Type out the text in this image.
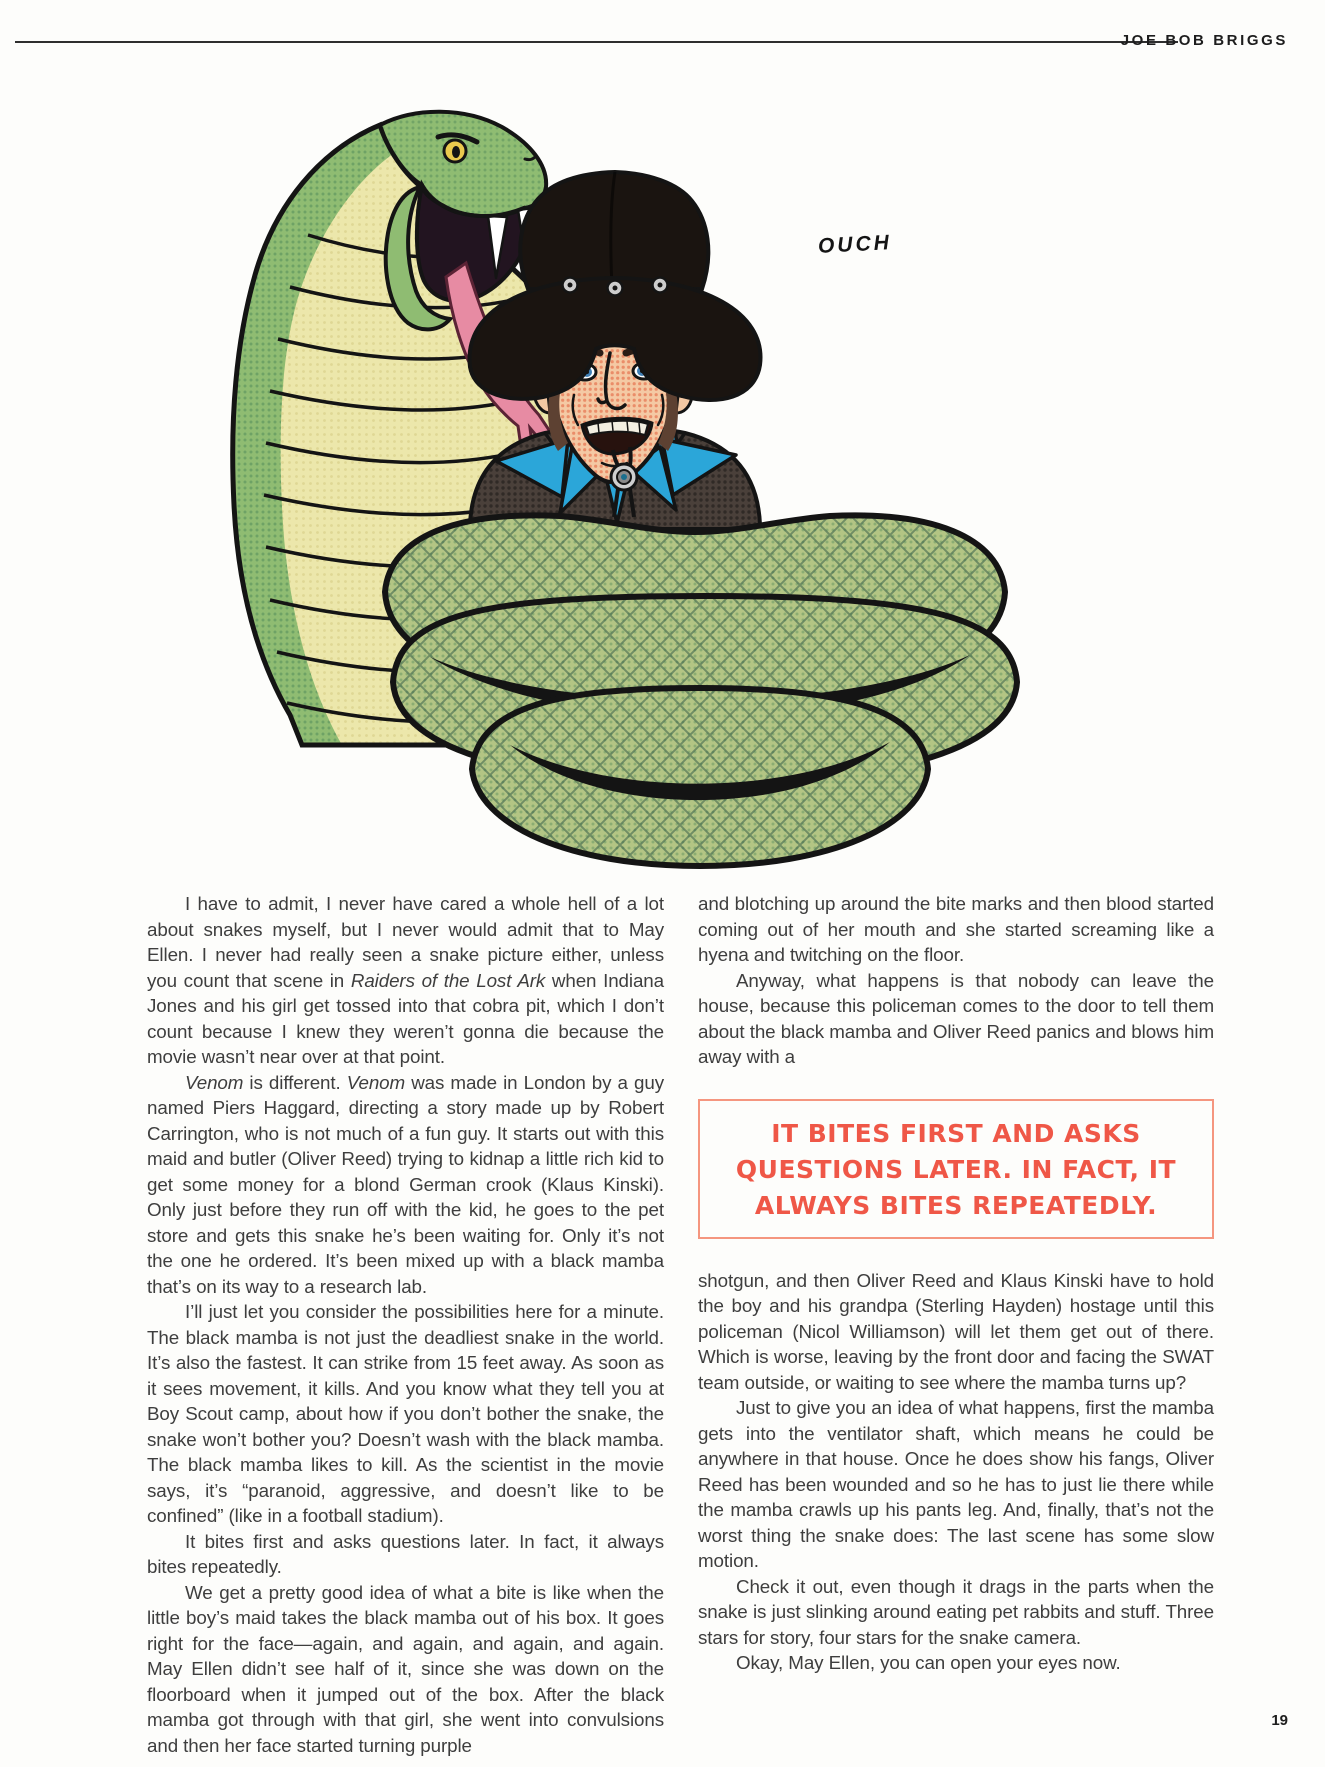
JOE BOB BRIGGS
OUCH

I have to admit, I never have cared a whole hell of a lot about snakes myself, but I never would admit that to May Ellen. I never had really seen a snake picture either, unless you count that scene in Raiders of the Lost Ark when Indiana Jones and his girl get tossed into that cobra pit, which I don’t count because I knew they weren’t gonna die because the movie wasn’t near over at that point.

Venom is different. Venom was made in London by a guy named Piers Haggard, directing a story made up by Robert Carrington, who is not much of a fun guy. It starts out with this maid and butler (Oliver Reed) trying to kidnap a little rich kid to get some money for a blond German crook (Klaus Kinski). Only just before they run off with the kid, he goes to the pet store and gets this snake he’s been waiting for. Only it’s not the one he ordered. It’s been mixed up with a black mamba that’s on its way to a research lab.

I’ll just let you consider the possibilities here for a minute. The black mamba is not just the deadliest snake in the world. It’s also the fastest. It can strike from 15 feet away. As soon as it sees movement, it kills. And you know what they tell you at Boy Scout camp, about how if you don’t bother the snake, the snake won’t bother you? Doesn’t wash with the black mamba. The black mamba likes to kill. As the scientist in the movie says, it’s “paranoid, aggressive, and doesn’t like to be confined” (like in a football stadium).

It bites first and asks questions later. In fact, it always bites repeatedly.

We get a pretty good idea of what a bite is like when the little boy’s maid takes the black mamba out of his box. It goes right for the face—again, and again, and again, and again. May Ellen didn’t see half of it, since she was down on the floorboard when it jumped out of the box. After the black mamba got through with that girl, she went into convulsions and then her face started turning purple

and blotching up around the bite marks and then blood started coming out of her mouth and she started screaming like a hyena and twitching on the floor.

Anyway, what happens is that nobody can leave the house, because this policeman comes to the door to tell them about the black mamba and Oliver Reed panics and blows him away with a

IT BITES FIRST AND ASKS
QUESTIONS LATER. IN FACT, IT
ALWAYS BITES REPEATEDLY.

shotgun, and then Oliver Reed and Klaus Kinski have to hold the boy and his grandpa (Sterling Hayden) hostage until this policeman (Nicol Williamson) will let them get out of there. Which is worse, leaving by the front door and facing the SWAT team outside, or waiting to see where the mamba turns up?

Just to give you an idea of what happens, first the mamba gets into the ventilator shaft, which means he could be anywhere in that house. Once he does show his fangs, Oliver Reed has been wounded and so he has to just lie there while the mamba crawls up his pants leg. And, finally, that’s not the worst thing the snake does: The last scene has some slow motion.

Check it out, even though it drags in the parts when the snake is just slinking around eating pet rabbits and stuff. Three stars for story, four stars for the snake camera.

Okay, May Ellen, you can open your eyes now.

19
